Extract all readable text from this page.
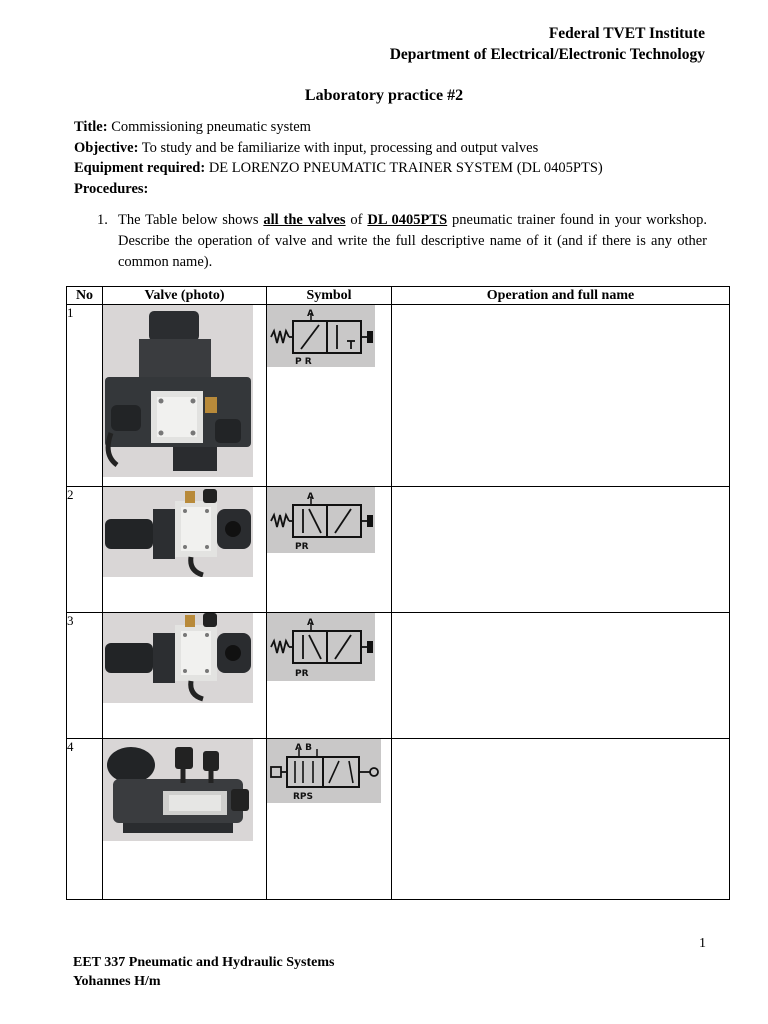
Federal TVET Institute
Department of Electrical/Electronic Technology
Laboratory practice #2
Title: Commissioning pneumatic system
Objective: To study and be familiarize with input, processing and output valves
Equipment required: DE LORENZO PNEUMATIC TRAINER SYSTEM (DL 0405PTS)
Procedures:
1. The Table below shows all the valves of DL 0405PTS pneumatic trainer found in your workshop. Describe the operation of valve and write the full descriptive name of it (and if there is any other common name).
No	Valve (photo)	Symbol	Operation and full name
1		A
P R	

2		A
PR	

3		A
PR	

4		A B
RPS	

1
EET 337 Pneumatic and Hydraulic Systems
Yohannes H/m
